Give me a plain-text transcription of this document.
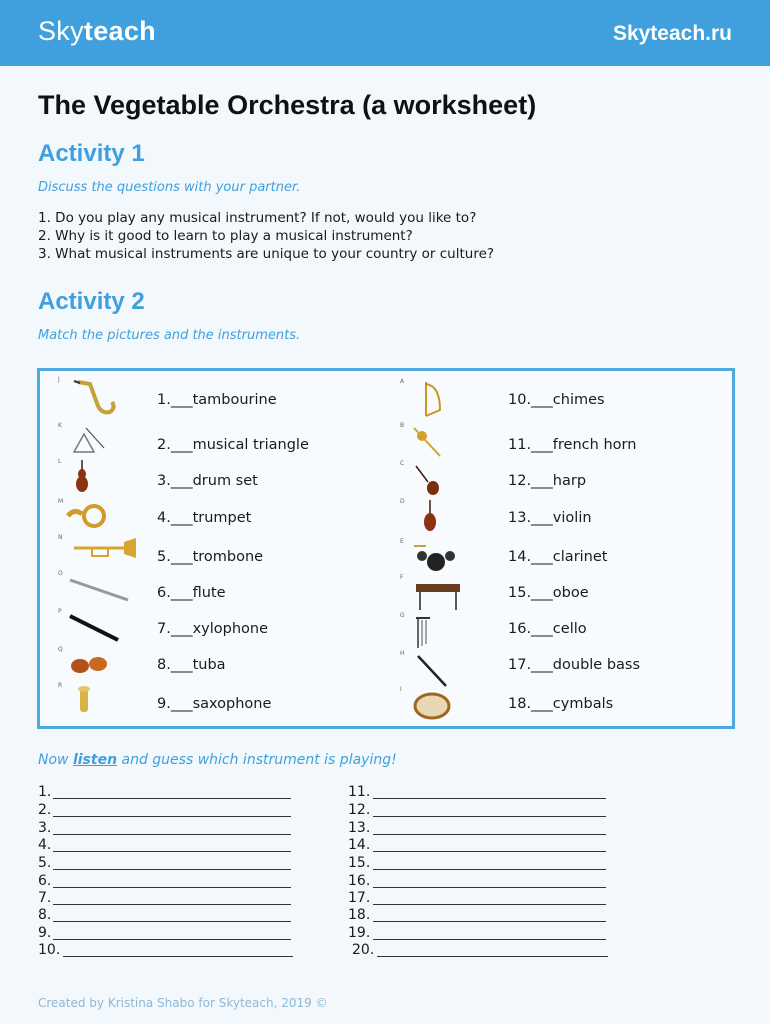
Skyteach	Skyteach.ru
The Vegetable Orchestra (a worksheet)
Activity 1
Discuss the questions with your partner.
1. Do you play any musical instrument? If not, would you like to?
2. Why is it good to learn to play a musical instrument?
3. What musical instruments are unique to your country or culture?
Activity 2
Match the pictures and the instruments.
J
K
L
M
N
O
P
Q
R
A
B
C
D
E
F
G
H
I
1.___tambourine
2.___musical triangle
3.___drum set
4.___trumpet
5.___trombone
6.___flute
7.___xylophone
8.___tuba
9.___saxophone
10.___chimes
11.___french horn
12.___harp
13.___violin
14.___clarinet
15.___oboe
16.___cello
17.___double bass
18.___cymbals
Now listen and guess which instrument is playing!
1.
2.
3.
4.
5.
6.
7.
8.
9.
10.
11.
12.
13.
14.
15.
16.
17.
18.
19.
20.
Created by Kristina Shabo for Skyteach, 2019 ©
